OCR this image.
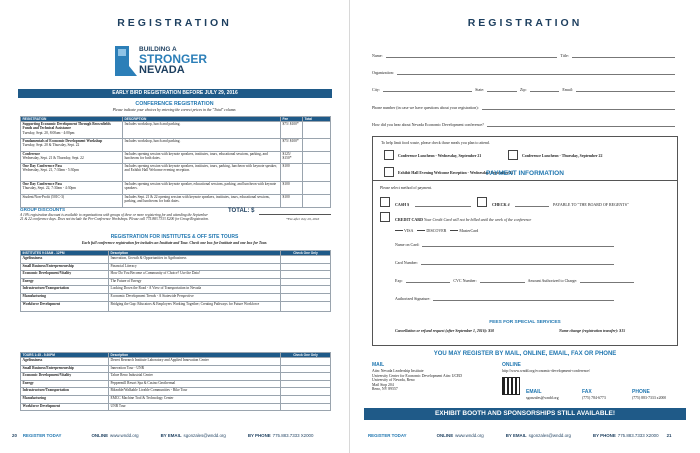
REGISTRATION
BUILDING A
STRONGER
NEVADA
EARLY BIRD REGISTRATION BEFORE JULY 29, 2016
CONFERENCE REGISTRATION
Please indicate your choices by entering the correct prices in the "Total" column.
REGISTRATION	DESCRIPTION	Fee	Total

Supporting Economic Development Through Brownfields Funds and Technical Assistance
Tuesday, Sept. 20, 8:00am - 4:00pm	Includes workshop, lunch and parking.	$75/ $100*	

Fundamentals of Economic Development Workshop
Tuesday, Sept. 20 & Thursday, Sept. 22	Includes workshop, lunch and parking.	$75/ $100*	

Conference
Wednesday, Sept. 21 & Thursday, Sept. 22	Includes opening session with keynote speakers, institutes, tours, educational sessions, parking, and luncheons for both dates.	$125/ $150*	

One Day Conference Pass
Wednesday, Sept. 21, 7:30am - 5:30pm	Includes opening session with keynote speakers, institutes, tours, parking, luncheon with keynote speaker, and Exhibit Hall Welcome evening reception.	$100	

One Day Conference Pass
Thursday, Sept. 22, 7:30am - 4:30pm	Includes opening session with keynote speaker, educational sessions, parking, and luncheon with keynote speakers.	$100	

Student/Non-Profit (501C-3)	Includes Sept. 21 & 22 opening session with keynote speakers, institutes, tours, educational sessions, parking, and luncheons for both dates.	$100	
GROUP DISCOUNTS
A 10% registration discount is available to organizations with groups of three or more registering for and attending the September 21 & 22 conference days. Does not include the Pre-Conference Workshops. Please call 775.883.7333 X200 for Group Registration.
TOTAL: $
*Fee after July 29, 2016
REGISTRATION FOR INSTITUTES & OFF SITE TOURS
Each full conference registration fee includes an Institute and Tour. Check one box for Institute and one box for Tour.
INSTITUTES 9:15AM - 12PM	Description	Check One Only
Agribusiness	Innovation, Growth & Opportunities in Agribusiness	
Small Business/Entrepreneurship	Financial Literacy	
Economic Development/Vitality	How Do You Become a Community of Choice? Use the Data!	
Energy	The Future of Energy	
Infrastructure/Transportation	Looking Down the Road - A View of Transportation in Nevada	
Manufacturing	Economic Development Trends - A Statewide Perspective	
Workforce Development	Bridging the Gap: Educators & Employers Working Together; Creating Pathways for Future Workforce	
TOURS 1:45 - 5:30PM	Description	Check One Only
Agribusiness	Desert Research Institute Laboratory and Applied Innovation Center	
Small Business/Entrepreneurship	Innevation Tour - UNR	
Economic Development/Vitality	Tahoe Reno Industrial Center	
Energy	Peppermill Resort Spa & Casino Geothermal	
Infrastructure/Transportation	Bikeable/Walkable Livable Communities - Bike Tour	
Manufacturing	EMCC Machine Tool & Technology Center	
Workforce Development	UNR Tour	
20 REGISTER TODAY	ONLINE www.wndd.org	BY EMAIL sgonzales@wndd.org	BY PHONE 775.883.7333 X2000
REGISTRATION
Name:	Title:
Organization:
City:	State:	Zip:	Email:
Phone number (in case we have questions about your registration):
How did you hear about Nevada Economic Development conference?
To help limit food waste, please check those meals you plan to attend.
Conference Luncheon - Wednesday, September 21	Conference Luncheon - Thursday, September 22
Exhibit Hall Evening Welcome Reception - Wednesday, September 21
PAYMENT INFORMATION
Please select method of payment.
CASH $	CHECK #	PAYABLE TO "THE BOARD OF REGENTS"
CREDIT CARD Your Credit Card will not be billed until the week of the conference
VISA	DISCOVER	MasterCard
Name on Card:
Card Number:
Exp:	CVC Number:	Amount Authorized to Charge:
Authorized Signature:
FEES FOR SPECIAL SERVICES
Cancellation or refund request (after September 1, 2016): $50	Name change (registration transfer): $15
YOU MAY REGISTER BY MAIL, ONLINE, EMAIL, FAX OR PHONE
MAIL
Attn: Nevada Leadership Institute
University Center for Economic Development Attn: UCED
University of Nevada, Reno
Mail Stop 204
Reno, NV 89557
ONLINE
http://www.wndd.org/economic-development-conference/
EMAIL
sgonzales@wndd.org
FAX
(775) 784-6773
PHONE
(775) 883-7333 x2000
EXHIBIT BOOTH AND SPONSORSHIPS STILL AVAILABLE!
REGISTER TODAY	ONLINE www.wndd.org	BY EMAIL sgonzales@wndd.org	BY PHONE 775.883.7333 X2000 21
